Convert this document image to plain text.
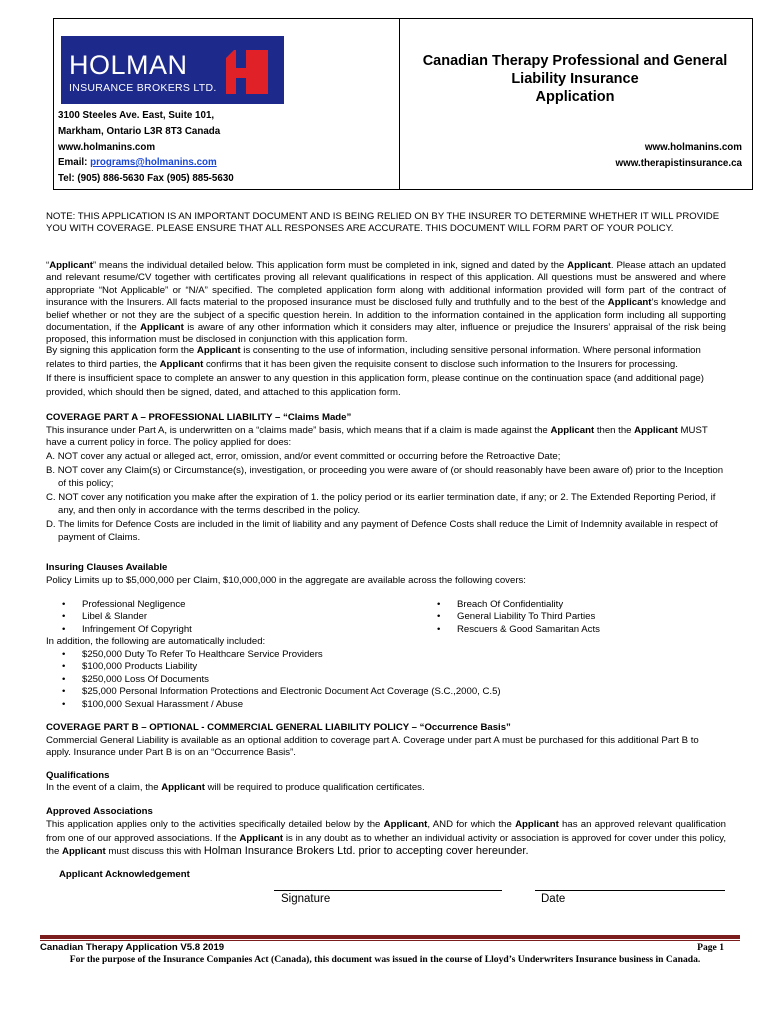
HOLMAN
INSURANCE BROKERS LTD.
3100 Steeles Ave. East, Suite 101,
Markham, Ontario L3R 8T3 Canada
www.holmanins.com
Email: programs@holmanins.com
Tel: (905) 886-5630 Fax (905) 885-5630
Canadian Therapy Professional and General
Liability Insurance
Application
www.holmanins.com
www.therapistinsurance.ca
NOTE: THIS APPLICATION IS AN IMPORTANT DOCUMENT AND IS BEING RELIED ON BY THE INSURER TO DETERMINE WHETHER IT WILL PROVIDE YOU WITH COVERAGE. PLEASE ENSURE THAT ALL RESPONSES ARE ACCURATE. THIS DOCUMENT WILL FORM PART OF YOUR POLICY.
“Applicant” means the individual detailed below. This application form must be completed in ink, signed and dated by the Applicant. Please attach an updated and relevant resume/CV together with certificates proving all relevant qualifications in respect of this application. All questions must be answered and where appropriate “Not Applicable” or “N/A” specified. The completed application form along with additional information provided will form part of the contract of insurance with the Insurers. All facts material to the proposed insurance must be disclosed fully and truthfully and to the best of the Applicant’s knowledge and belief whether or not they are the subject of a specific question herein. In addition to the information contained in the application form including all supporting documentation, if the Applicant is aware of any other information which it considers may alter, influence or prejudice the Insurers’ appraisal of the risk being proposed, this information must be disclosed in conjunction with this application form.
By signing this application form the Applicant is consenting to the use of information, including sensitive personal information. Where personal information relates to third parties, the Applicant confirms that it has been given the requisite consent to disclose such information to the Insurers for processing.
If there is insufficient space to complete an answer to any question in this application form, please continue on the continuation space (and additional page) provided, which should then be signed, dated, and attached to this application form.
COVERAGE PART A – PROFESSIONAL LIABILITY – “Claims Made”
This insurance under Part A, is underwritten on a “claims made” basis, which means that if a claim is made against the Applicant then the Applicant MUST have a current policy in force. The policy applied for does:
A. NOT cover any actual or alleged act, error, omission, and/or event committed or occurring before the Retroactive Date;
B. NOT cover any Claim(s) or Circumstance(s), investigation, or proceeding you were aware of (or should reasonably have been aware of) prior to the Inception of this policy;
C. NOT cover any notification you make after the expiration of 1. the policy period or its earlier termination date, if any; or 2. The Extended Reporting Period, if any, and then only in accordance with the terms described in the policy.
D. The limits for Defence Costs are included in the limit of liability and any payment of Defence Costs shall reduce the Limit of Indemnity available in respect of payment of Claims.
Insuring Clauses Available
Policy Limits up to $5,000,000 per Claim, $10,000,000 in the aggregate are available across the following covers:
• Professional Negligence
• Libel & Slander
• Infringement Of Copyright
• Breach Of Confidentiality
• General Liability To Third Parties
• Rescuers & Good Samaritan Acts
In addition, the following are automatically included:
• $250,000 Duty To Refer To Healthcare Service Providers
• $100,000 Products Liability
• $250,000 Loss Of Documents
• $25,000 Personal Information Protections and Electronic Document Act Coverage (S.C.,2000, C.5)
• $100,000 Sexual Harassment / Abuse
COVERAGE PART B – OPTIONAL - COMMERCIAL GENERAL LIABILITY POLICY – “Occurrence Basis”
Commercial General Liability is available as an optional addition to coverage part A. Coverage under part A must be purchased for this additional Part B to apply. Insurance under Part B is on an “Occurrence Basis”.
Qualifications
In the event of a claim, the Applicant will be required to produce qualification certificates.
Approved Associations
This application applies only to the activities specifically detailed below by the Applicant, AND for which the Applicant has an approved relevant qualification from one of our approved associations. If the Applicant is in any doubt as to whether an individual activity or association is approved for cover under this policy, the Applicant must discuss this with Holman Insurance Brokers Ltd. prior to accepting cover hereunder.
Applicant Acknowledgement
Signature	Date
Canadian Therapy Application V5.8 2019	Page 1
For the purpose of the Insurance Companies Act (Canada), this document was issued in the course of Lloyd’s Underwriters Insurance business in Canada.
